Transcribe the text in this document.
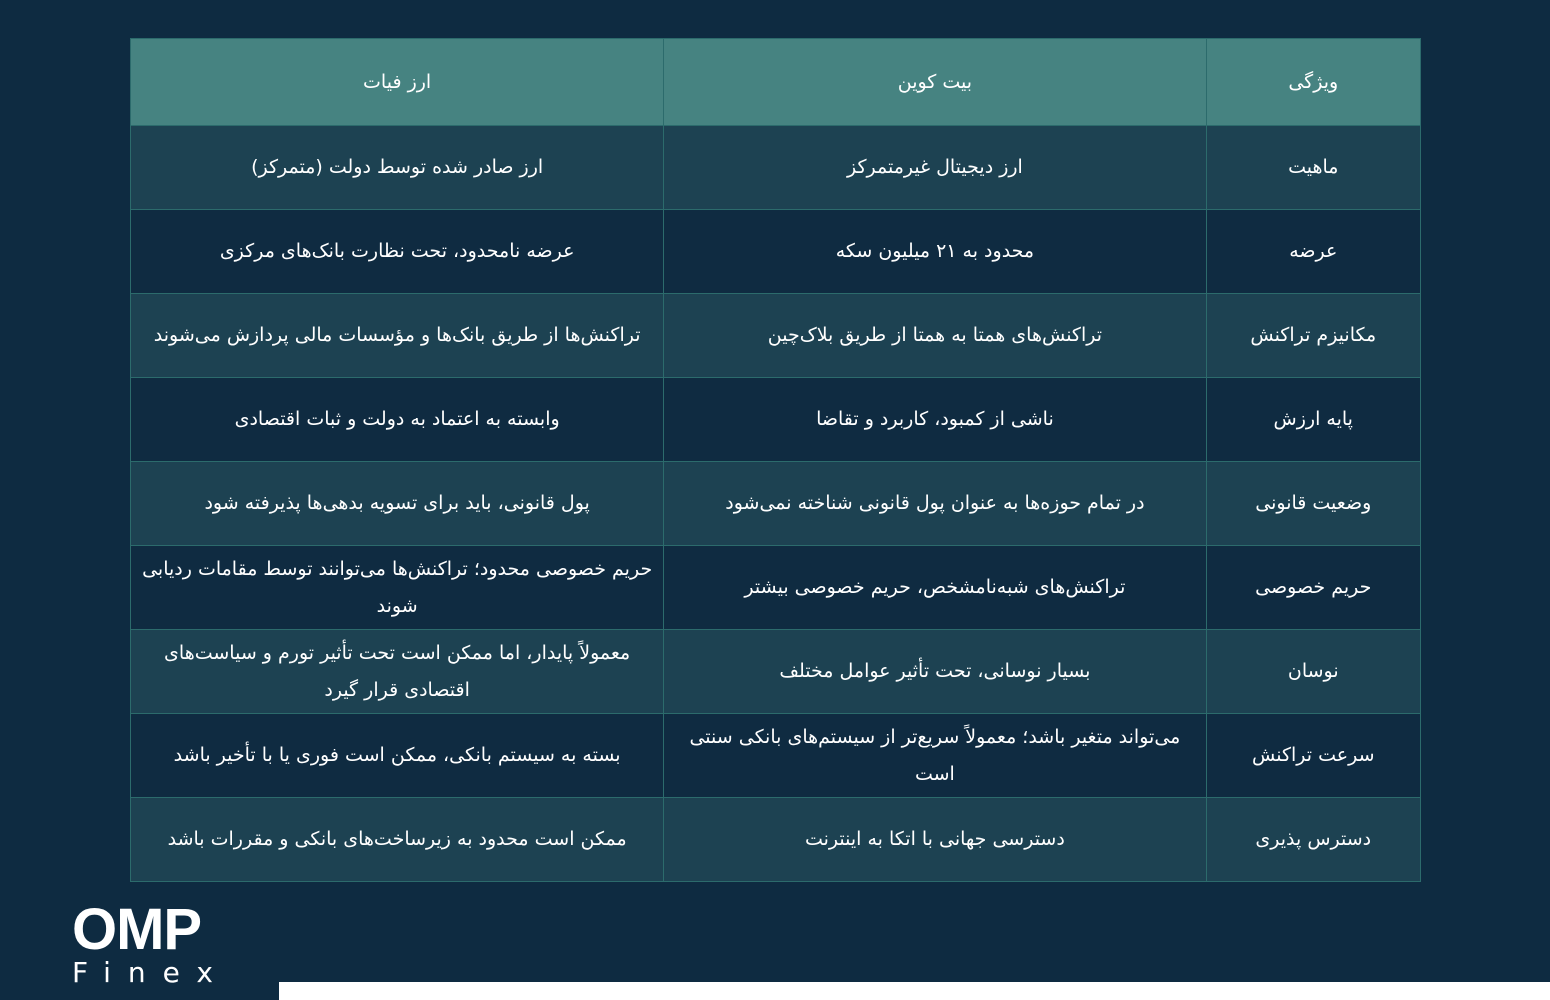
ویژگی	بیت کوین	ارز فیات
ماهیت	ارز دیجیتال غیرمتمرکز	ارز صادر شده توسط دولت (متمرکز)
عرضه	محدود به ۲۱ میلیون سکه	عرضه نامحدود، تحت نظارت بانک‌های مرکزی
مکانیزم تراکنش	تراکنش‌های همتا به همتا از طریق بلاک‌چین	تراکنش‌ها از طریق بانک‌ها و مؤسسات مالی پردازش می‌شوند
پایه ارزش	ناشی از کمبود، کاربرد و تقاضا	وابسته به اعتماد به دولت و ثبات اقتصادی
وضعیت قانونی	در تمام حوزه‌ها به عنوان پول قانونی شناخته نمی‌شود	پول قانونی، باید برای تسویه بدهی‌ها پذیرفته شود
حریم خصوصی	تراکنش‌های شبه‌نامشخص، حریم خصوصی بیشتر	حریم خصوصی محدود؛ تراکنش‌ها می‌توانند توسط مقامات ردیابی شوند
نوسان	بسیار نوسانی، تحت تأثیر عوامل مختلف	معمولاً پایدار، اما ممکن است تحت تأثیر تورم و سیاست‌های اقتصادی قرار گیرد
سرعت تراکنش	می‌تواند متغیر باشد؛ معمولاً سریع‌تر از سیستم‌های بانکی سنتی است	بسته به سیستم بانکی، ممکن است فوری یا با تأخیر باشد
دسترس پذیری	دسترسی جهانی با اتکا به اینترنت	ممکن است محدود به زیرساخت‌های بانکی و مقررات باشد
OMP
Finex
